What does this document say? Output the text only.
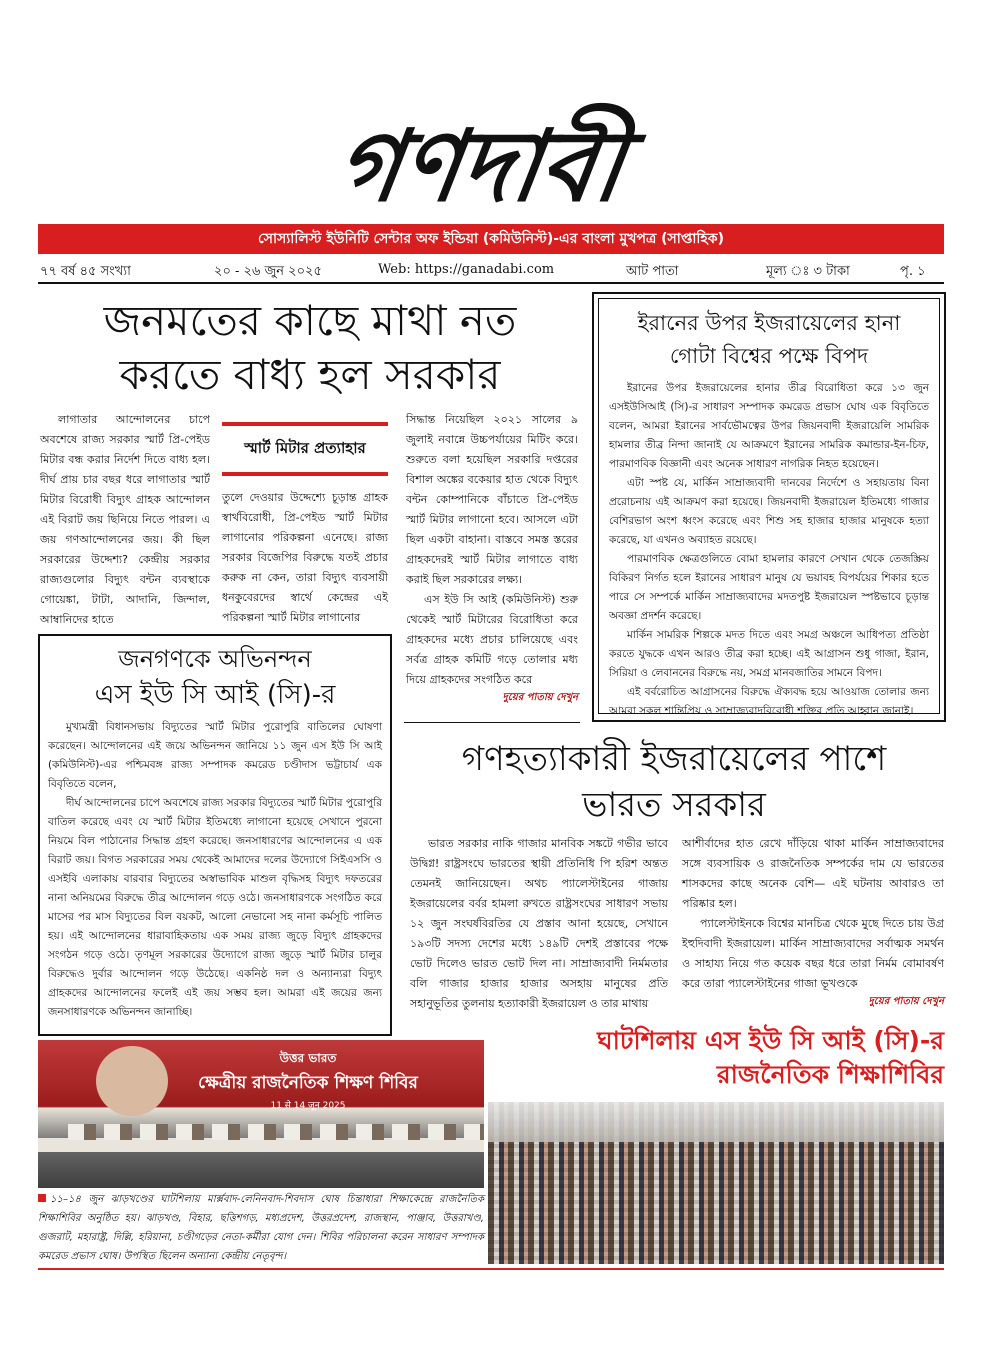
গণদাবী
সোস্যালিস্ট ইউনিটি সেন্টার অফ ইন্ডিয়া (কমিউনিস্ট)-এর বাংলা মুখপত্র (সাপ্তাহিক)
৭৭ বর্ষ ৪৫ সংখ্যা	২০ - ২৬ জুন ২০২৫	Web: https://ganadabi.com	আট পাতা	মূল্য ঃ ৩ টাকা	পৃ. ১
জনমতের কাছে মাথা নত
করতে বাধ্য হল সরকার

লাগাতার আন্দোলনের চাপে অবশেষে রাজ্য সরকার স্মার্ট প্রি-পেইড মিটার বন্ধ করার নির্দেশ দিতে বাধ্য হল। দীর্ঘ প্রায় চার বছর ধরে লাগাতার স্মার্ট মিটার বিরোধী বিদ্যুৎ গ্রাহক আন্দোলন এই বিরাট জয় ছিনিয়ে নিতে পারল। এ জয় গণআন্দোলনের জয়। কী ছিল সরকারের উদ্দেশ্য? কেন্দ্রীয় সরকার রাজ্যগুলোর বিদ্যুৎ বন্টন ব্যবস্থাকে গোয়েঙ্কা, টাটা, আদানি, জিন্দাল, আম্বানিদের হাতে

স্মার্ট মিটার প্রত্যাহার

তুলে দেওয়ার উদ্দেশ্যে চূড়ান্ত গ্রাহক স্বার্থবিরোধী, প্রি-পেইড স্মার্ট মিটার লাগানোর পরিকল্পনা এনেছে। রাজ্য সরকার বিজেপির বিরুদ্ধে যতই প্রচার করুক না কেন, তারা বিদ্যুৎ ব্যবসায়ী ধনকুবেরদের স্বার্থে কেন্দ্রের এই পরিকল্পনা স্মার্ট মিটার লাগানোর

সিদ্ধান্ত নিয়েছিল ২০২১ সালের ৯ জুলাই নবান্নে উচ্চপর্যায়ের মিটিং করে। শুরুতে বলা হয়েছিল সরকারি দপ্তরের বিশাল অঙ্কের বকেয়ার হাত থেকে বিদ্যুৎ বন্টন কোম্পানিকে বাঁচাতে প্রি-পেইড স্মার্ট মিটার লাগানো হবে। আসলে এটা ছিল একটা বাহানা। বাস্তবে সমস্ত স্তরের গ্রাহকদেরই স্মার্ট মিটার লাগাতে বাধ্য করাই ছিল সরকারের লক্ষ্য।

এস ইউ সি আই (কমিউনিস্ট) শুরু থেকেই স্মার্ট মিটারের বিরোধিতা করে গ্রাহকদের মধ্যে প্রচার চালিয়েছে এবং সর্বত্র গ্রাহক কমিটি গড়ে তোলার মধ্য দিয়ে গ্রাহকদের সংগঠিত করে

দুয়ের পাতায় দেখুন
জনগণকে অভিনন্দন
এস ইউ সি আই (সি)-র

মুখ্যমন্ত্রী বিধানসভায় বিদ্যুতের স্মার্ট মিটার পুরোপুরি বাতিলের ঘোষণা করেছেন। আন্দোলনের এই জয়ে অভিনন্দন জানিয়ে ১১ জুন এস ইউ সি আই (কমিউনিস্ট)-এর পশ্চিমবঙ্গ রাজ্য সম্পাদক কমরেড চণ্ডীদাস ভট্টাচার্য এক বিবৃতিতে বলেন,

দীর্ঘ আন্দোলনের চাপে অবশেষে রাজ্য সরকার বিদ্যুতের স্মার্ট মিটার পুরোপুরি বাতিল করেছে এবং যে স্মার্ট মিটার ইতিমধ্যে লাগানো হয়েছে সেখানে পুরনো নিয়মে বিল পাঠানোর সিদ্ধান্ত গ্রহণ করেছে। জনসাধারণের আন্দোলনের এ এক বিরাট জয়। বিগত সরকারের সময় থেকেই আমাদের দলের উদ্যোগে সিইএসসি ও এসইবি এলাকায় বারবার বিদ্যুতের অস্বাভাবিক মাশুল বৃদ্ধিসহ বিদ্যুৎ দফতরের নানা অনিয়মের বিরুদ্ধে তীব্র আন্দোলন গড়ে ওঠে। জনসাধারণকে সংগঠিত করে মাসের পর মাস বিদ্যুতের বিল বয়কট, আলো নেভানো সহ নানা কর্মসূচি পালিত হয়। এই আন্দোলনের ধারাবাহিকতায় এক সময় রাজ্য জুড়ে বিদ্যুৎ গ্রাহকদের সংগঠন গড়ে ওঠে। তৃণমূল সরকারের উদ্যোগে রাজ্য জুড়ে স্মার্ট মিটার চালুর বিরুদ্ধেও দুর্বার আন্দোলন গড়ে উঠেছে। একনিষ্ঠ দল ও অন্যান্যরা বিদ্যুৎ গ্রাহকদের আন্দোলনের ফলেই এই জয় সম্ভব হল। আমরা এই জয়ের জন্য জনসাধারণকে অভিনন্দন জানাচ্ছি।

ইরানের উপর ইজরায়েলের হানা
গোটা বিশ্বের পক্ষে বিপদ

ইরানের উপর ইজরায়েলের হানার তীব্র বিরোধিতা করে ১৩ জুন এসইউসিআই (সি)-র সাধারণ সম্পাদক কমরেড প্রভাস ঘোষ এক বিবৃতিতে বলেন, আমরা ইরানের সার্বভৌমত্বের উপর জিয়নবাদী ইজরায়েলি সামরিক হামলার তীব্র নিন্দা জানাই যে আক্রমণে ইরানের সামরিক কমান্ডার-ইন-চিফ, পারমাণবিক বিজ্ঞানী এবং অনেক সাধারণ নাগরিক নিহত হয়েছেন।

এটা স্পষ্ট যে, মার্কিন সাম্রাজ্যবাদী দানবের নির্দেশে ও সহায়তায় বিনা প্ররোচনায় এই আক্রমণ করা হয়েছে। জিয়নবাদী ইজরায়েল ইতিমধ্যে গাজার বেশিরভাগ অংশ ধ্বংস করেছে এবং শিশু সহ হাজার হাজার মানুষকে হত্যা করেছে, যা এখনও অব্যাহত রয়েছে।

পারমাণবিক ক্ষেত্রগুলিতে বোমা হামলার কারণে সেখান থেকে তেজস্ক্রিয় বিকিরণ নির্গত হলে ইরানের সাধারণ মানুষ যে ভয়াবহ বিপর্যয়ের শিকার হতে পারে সে সম্পর্কে মার্কিন সাম্রাজ্যবাদের মদতপুষ্ট ইজরায়েল স্পষ্টভাবে চূড়ান্ত অবজ্ঞা প্রদর্শন করেছে।

মার্কিন সামরিক শিল্পকে মদত দিতে এবং সমগ্র অঞ্চলে আধিপত্য প্রতিষ্ঠা করতে যুদ্ধকে এখন আরও তীব্র করা হচ্ছে। এই আগ্রাসন শুধু গাজা, ইরান, সিরিয়া ও লেবাননের বিরুদ্ধে নয়, সমগ্র মানবজাতির সামনে বিপদ।

এই বর্বরোচিত আগ্রাসনের বিরুদ্ধে ঐক্যবদ্ধ হয়ে আওয়াজ তোলার জন্য আমরা সকল শান্তিপ্রিয় ও সাম্রাজ্যবাদবিরোধী শক্তির প্রতি আহ্বান জানাই।

গণহত্যাকারী ইজরায়েলের পাশে
ভারত সরকার

ভারত সরকার নাকি গাজার মানবিক সঙ্কটে গভীর ভাবে উদ্বিগ্ন! রাষ্ট্রসংঘে ভারতের স্থায়ী প্রতিনিধি পি হরিশ অন্তত তেমনই জানিয়েছেন। অথচ প্যালেস্টাইনের গাজায় ইজরায়েলের বর্বর হামলা রুখতে রাষ্ট্রসংঘের সাধারণ সভায় ১২ জুন সংঘর্ষবিরতির যে প্রস্তাব আনা হয়েছে, সেখানে ১৯৩টি সদস্য দেশের মধ্যে ১৪৯টি দেশই প্রস্তাবের পক্ষে ভোট দিলেও ভারত ভোট দিল না। সাম্রাজ্যবাদী নির্মমতার বলি গাজার হাজার হাজার অসহায় মানুষের প্রতি সহানুভূতির তুলনায় হত্যাকারী ইজরায়েল ও তার মাথায়

আশীর্বাদের হাত রেখে দাঁড়িয়ে থাকা মার্কিন সাম্রাজ্যবাদের সঙ্গে ব্যবসায়িক ও রাজনৈতিক সম্পর্কের দাম যে ভারতের শাসকদের কাছে অনেক বেশি— এই ঘটনায় আবারও তা পরিষ্কার হল।

প্যালেস্টাইনকে বিশ্বের মানচিত্র থেকে মুছে দিতে চায় উগ্র ইহুদিবাদী ইজরায়েল। মার্কিন সাম্রাজ্যবাদের সর্বাত্মক সমর্থন ও সাহায্য নিয়ে গত কয়েক বছর ধরে তারা নির্মম বোমাবর্ষণ করে তারা প্যালেস্টাইনের গাজা ভূখণ্ডকে

দুয়ের পাতায় দেখুন
ঘাটশিলায় এস ইউ সি আই (সি)-র
রাজনৈতিক শিক্ষাশিবির
উত্তর ভারত
ক্ষেত্রীয় রাজনৈতিক শিক্ষণ শিবির
11 से 14 जून 2025
১১–১৪ জুন ঝাড়খণ্ডের ঘাটশিলায় মার্ক্সবাদ-লেনিনবাদ-শিবদাস ঘোষ চিন্তাধারা শিক্ষাকেন্দ্রে রাজনৈতিক শিক্ষাশিবির অনুষ্ঠিত হয়। ঝাড়খণ্ড, বিহার, ছত্তিশগড়, মধ্যপ্রদেশ, উত্তরপ্রদেশ, রাজস্থান, পাঞ্জাব, উত্তরাখণ্ড, গুজরাট, মহারাষ্ট্র, দিল্লি, হরিয়ানা, চণ্ডীগড়ের নেতা-কর্মীরা যোগ দেন। শিবির পরিচালনা করেন সাধারণ সম্পাদক কমরেড প্রভাস ঘোষ। উপস্থিত ছিলেন অন্যান্য কেন্দ্রীয় নেতৃবৃন্দ।
